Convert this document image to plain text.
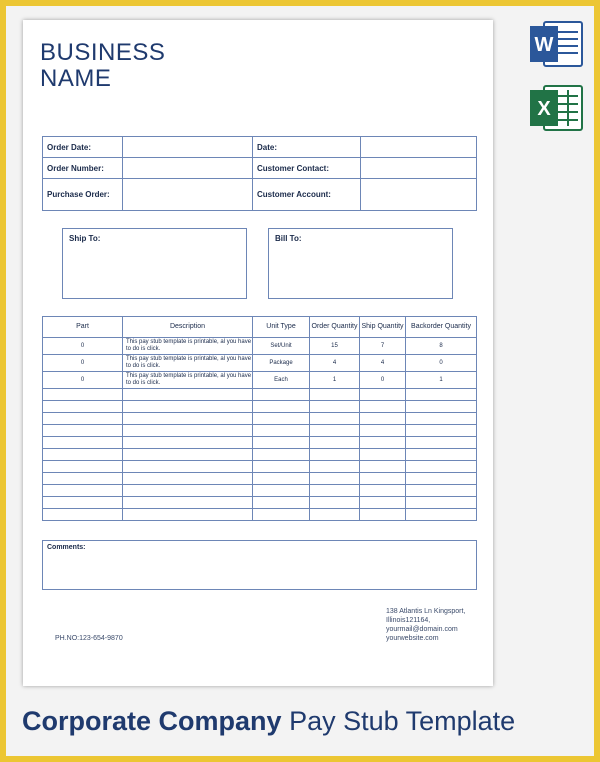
BUSINESS
NAME
Order Date:		Date:	
Order Number:		Customer Contact:	
Purchase Order:		Customer Account:	
Ship To:	Bill To:
Part	Description	Unit Type	Order Quantity	Ship Quantity	Backorder Quantity
0	This pay stub template is printable, al you have to do is click.	Set/Unit	15	7	8
0	This pay stub template is printable, al you have to do is click.	Package	4	4	0
0	This pay stub template is printable, al you have to do is click.	Each	1	0	1

Comments:
138 Atlantis Ln Kingsport,
Illinois121164,
yourmail@domain.com
yourwebsite.com
PH.NO:123-654-9870
W
X
Corporate Company Pay Stub Template
